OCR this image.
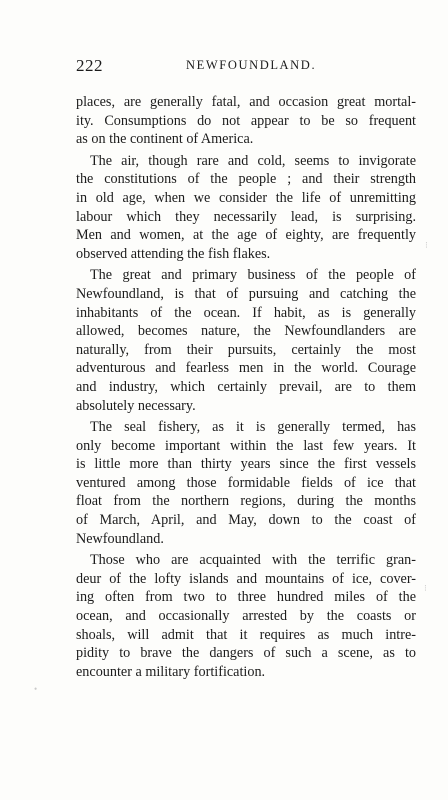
222	NEWFOUNDLAND.
places, are generally fatal, and occasion great mortal-
ity. Consumptions do not appear to be so frequent
as on the continent of America.
The air, though rare and cold, seems to invigorate
the constitutions of the people ; and their strength
in old age, when we consider the life of unremitting
labour which they necessarily lead, is surprising.
Men and women, at the age of eighty, are frequently
observed attending the fish flakes.
The great and primary business of the people of
Newfoundland, is that of pursuing and catching the
inhabitants of the ocean. If habit, as is generally
allowed, becomes nature, the Newfoundlanders are
naturally, from their pursuits, certainly the most
adventurous and fearless men in the world. Courage
and industry, which certainly prevail, are to them
absolutely necessary.
The seal fishery, as it is generally termed, has
only become important within the last few years. It
is little more than thirty years since the first vessels
ventured among those formidable fields of ice that
float from the northern regions, during the months
of March, April, and May, down to the coast of
Newfoundland.
Those who are acquainted with the terrific gran-
deur of the lofty islands and mountains of ice, cover-
ing often from two to three hundred miles of the
ocean, and occasionally arrested by the coasts or
shoals, will admit that it requires as much intre-
pidity to brave the dangers of such a scene, as to
encounter a military fortification.
⁝
⁝
•
